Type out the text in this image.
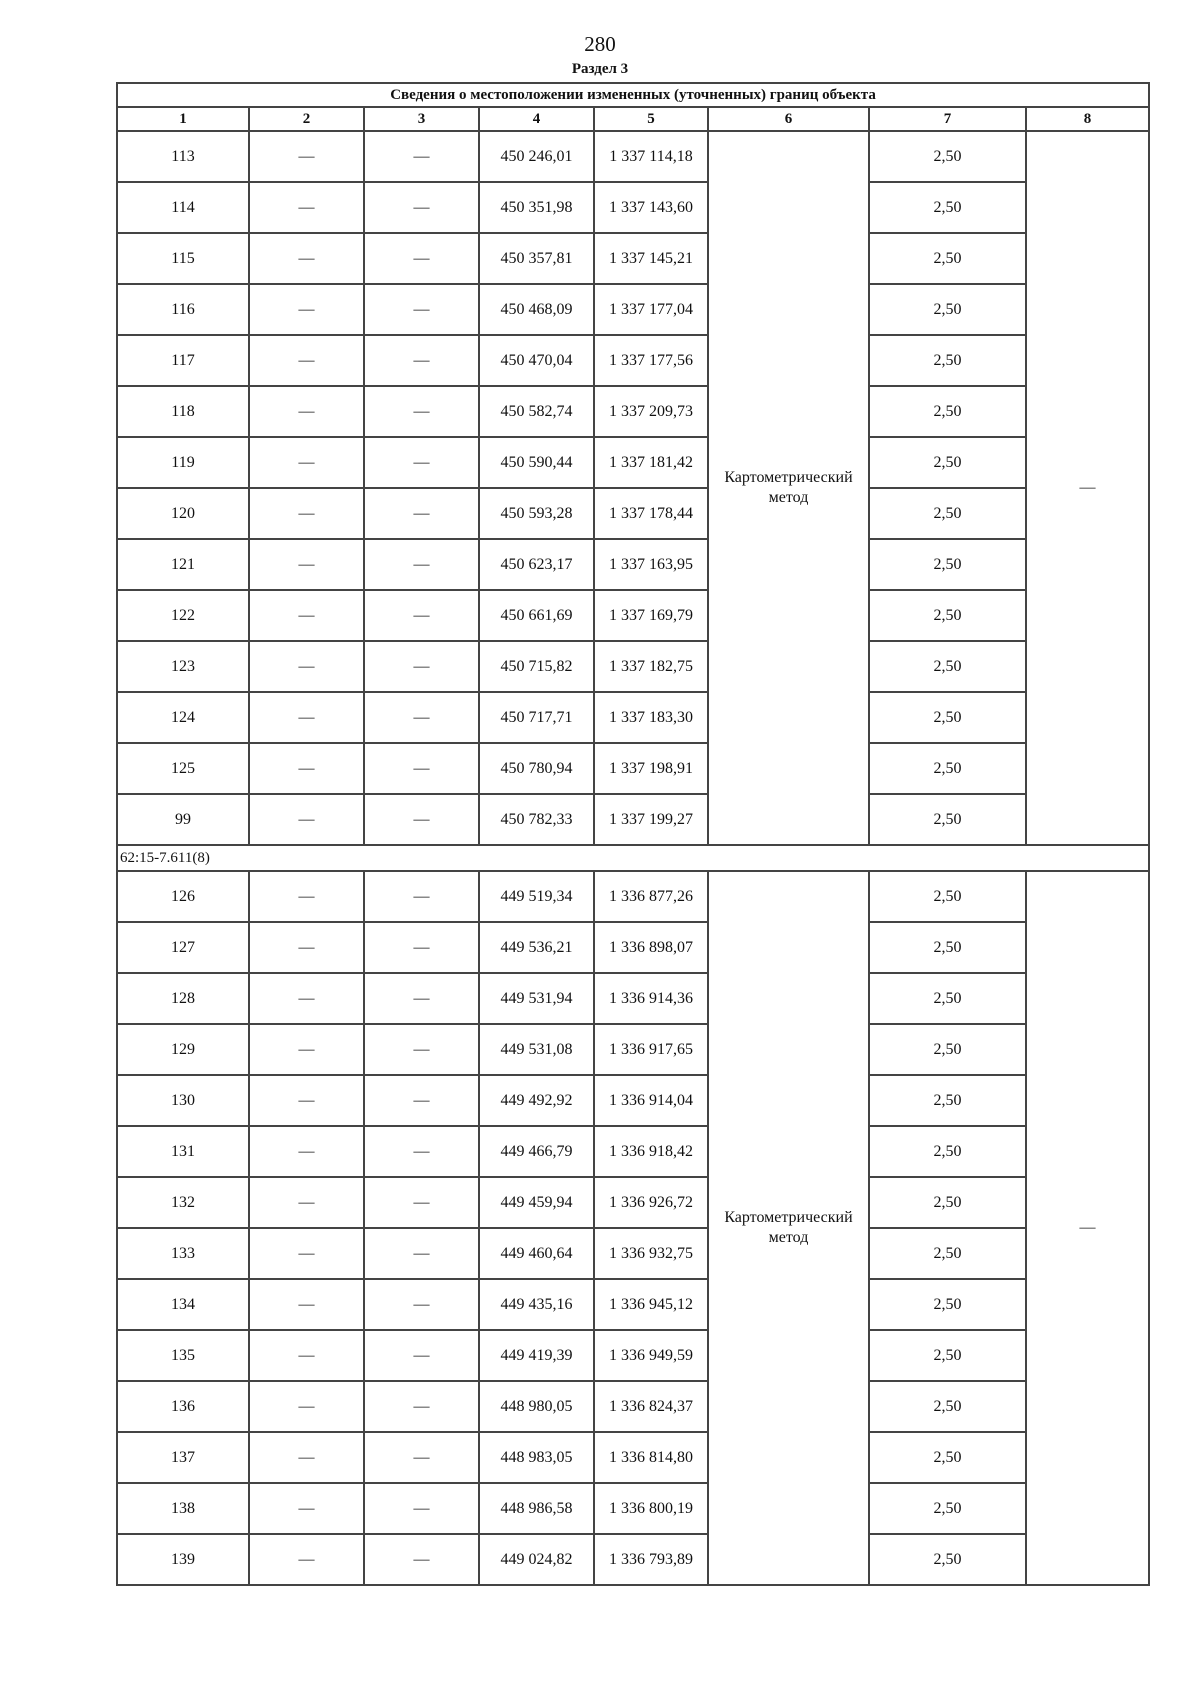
280
Раздел 3
Сведения о местоположении измененных (уточненных) границ объекта							
1	2	3	4	5	6	7	8
113	—	—	450 246,01	1 337 114,18	Картометрический метод	2,50	—
114	—	—	450 351,98	1 337 143,60		2,50	
115	—	—	450 357,81	1 337 145,21		2,50	
116	—	—	450 468,09	1 337 177,04		2,50	
117	—	—	450 470,04	1 337 177,56		2,50	
118	—	—	450 582,74	1 337 209,73		2,50	
119	—	—	450 590,44	1 337 181,42		2,50	
120	—	—	450 593,28	1 337 178,44		2,50	
121	—	—	450 623,17	1 337 163,95		2,50	
122	—	—	450 661,69	1 337 169,79		2,50	
123	—	—	450 715,82	1 337 182,75		2,50	
124	—	—	450 717,71	1 337 183,30		2,50	
125	—	—	450 780,94	1 337 198,91		2,50	
99	—	—	450 782,33	1 337 199,27		2,50	
62:15-7.611(8)							
126	—	—	449 519,34	1 336 877,26	Картометрический метод	2,50	—
127	—	—	449 536,21	1 336 898,07		2,50	
128	—	—	449 531,94	1 336 914,36		2,50	
129	—	—	449 531,08	1 336 917,65		2,50	
130	—	—	449 492,92	1 336 914,04		2,50	
131	—	—	449 466,79	1 336 918,42		2,50	
132	—	—	449 459,94	1 336 926,72		2,50	
133	—	—	449 460,64	1 336 932,75		2,50	
134	—	—	449 435,16	1 336 945,12		2,50	
135	—	—	449 419,39	1 336 949,59		2,50	
136	—	—	448 980,05	1 336 824,37		2,50	
137	—	—	448 983,05	1 336 814,80		2,50	
138	—	—	448 986,58	1 336 800,19		2,50	
139	—	—	449 024,82	1 336 793,89		2,50	
